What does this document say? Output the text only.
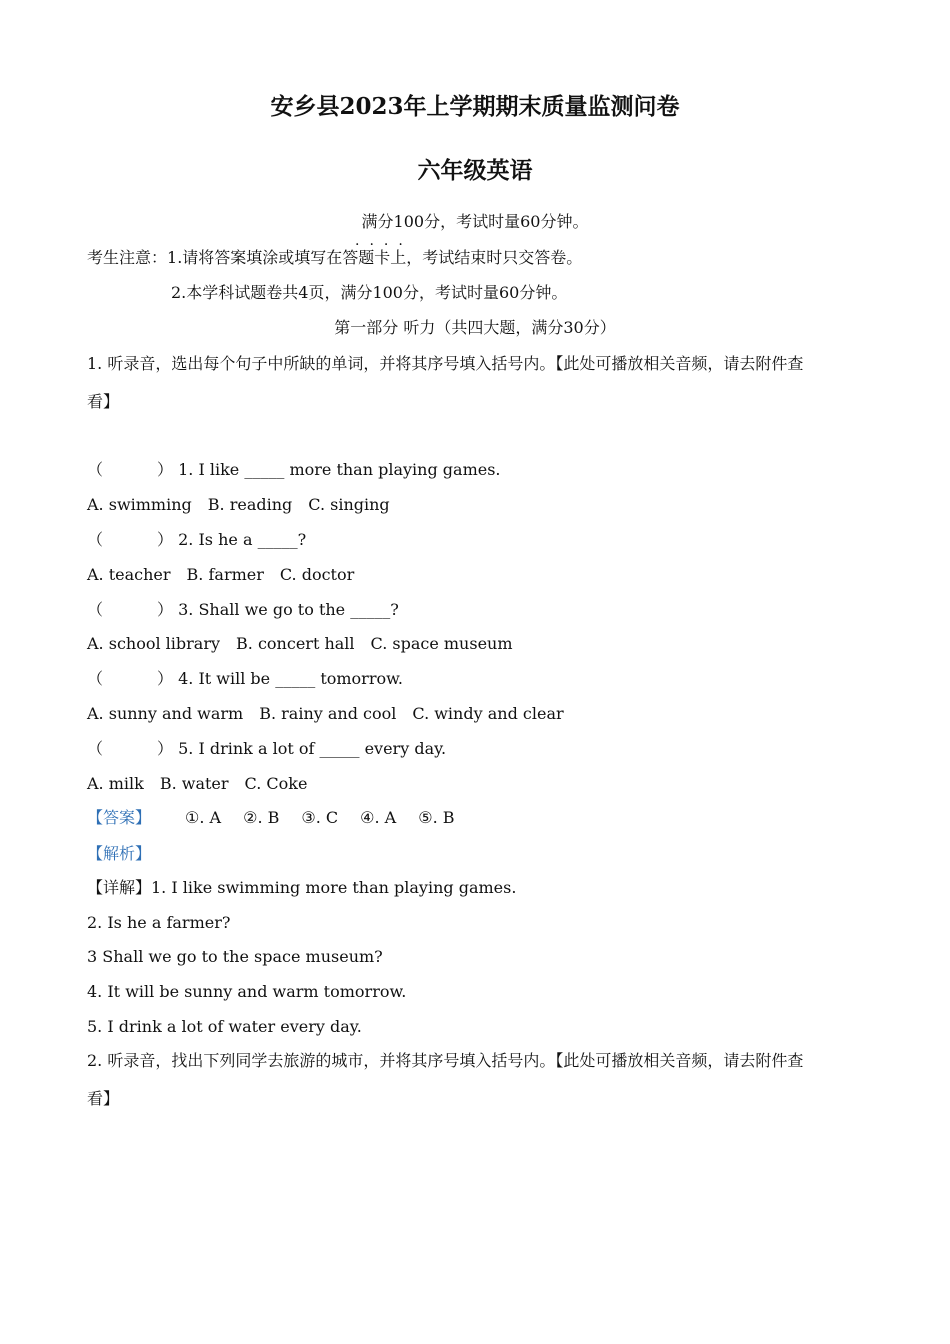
安乡县2023年上学期期末质量监测问卷
六年级英语
满分100分，考试时量60分钟。
....
考生注意：1.请将答案填涂或填写在答题卡上，考试结束时只交答卷。
2.本学科试题卷共4页，满分100分，考试时量60分钟。
第一部分 听力（共四大题，满分30分）
1. 听录音，选出每个句子中所缺的单词，并将其序号填入括号内。【此处可播放相关音频，请去附件查
看】
（	） 1. I like _____ more than playing games.
A. swimming B. reading C. singing
（	） 2. Is he a _____?
A. teacher B. farmer C. doctor
（	） 3. Shall we go to the _____?
A. school library B. concert hall C. space museum
（	） 4. It will be _____ tomorrow.
A. sunny and warm B. rainy and cool C. windy and clear
（	） 5. I drink a lot of _____ every day.
A. milk B. water C. Coke
【答案】 ①. A ②. B ③. C ④. A ⑤. B
【解析】
【详解】1. I like swimming more than playing games.
2. Is he a farmer?
3 Shall we go to the space museum?
4. It will be sunny and warm tomorrow.
5. I drink a lot of water every day.
2. 听录音，找出下列同学去旅游的城市，并将其序号填入括号内。【此处可播放相关音频，请去附件查
看】
